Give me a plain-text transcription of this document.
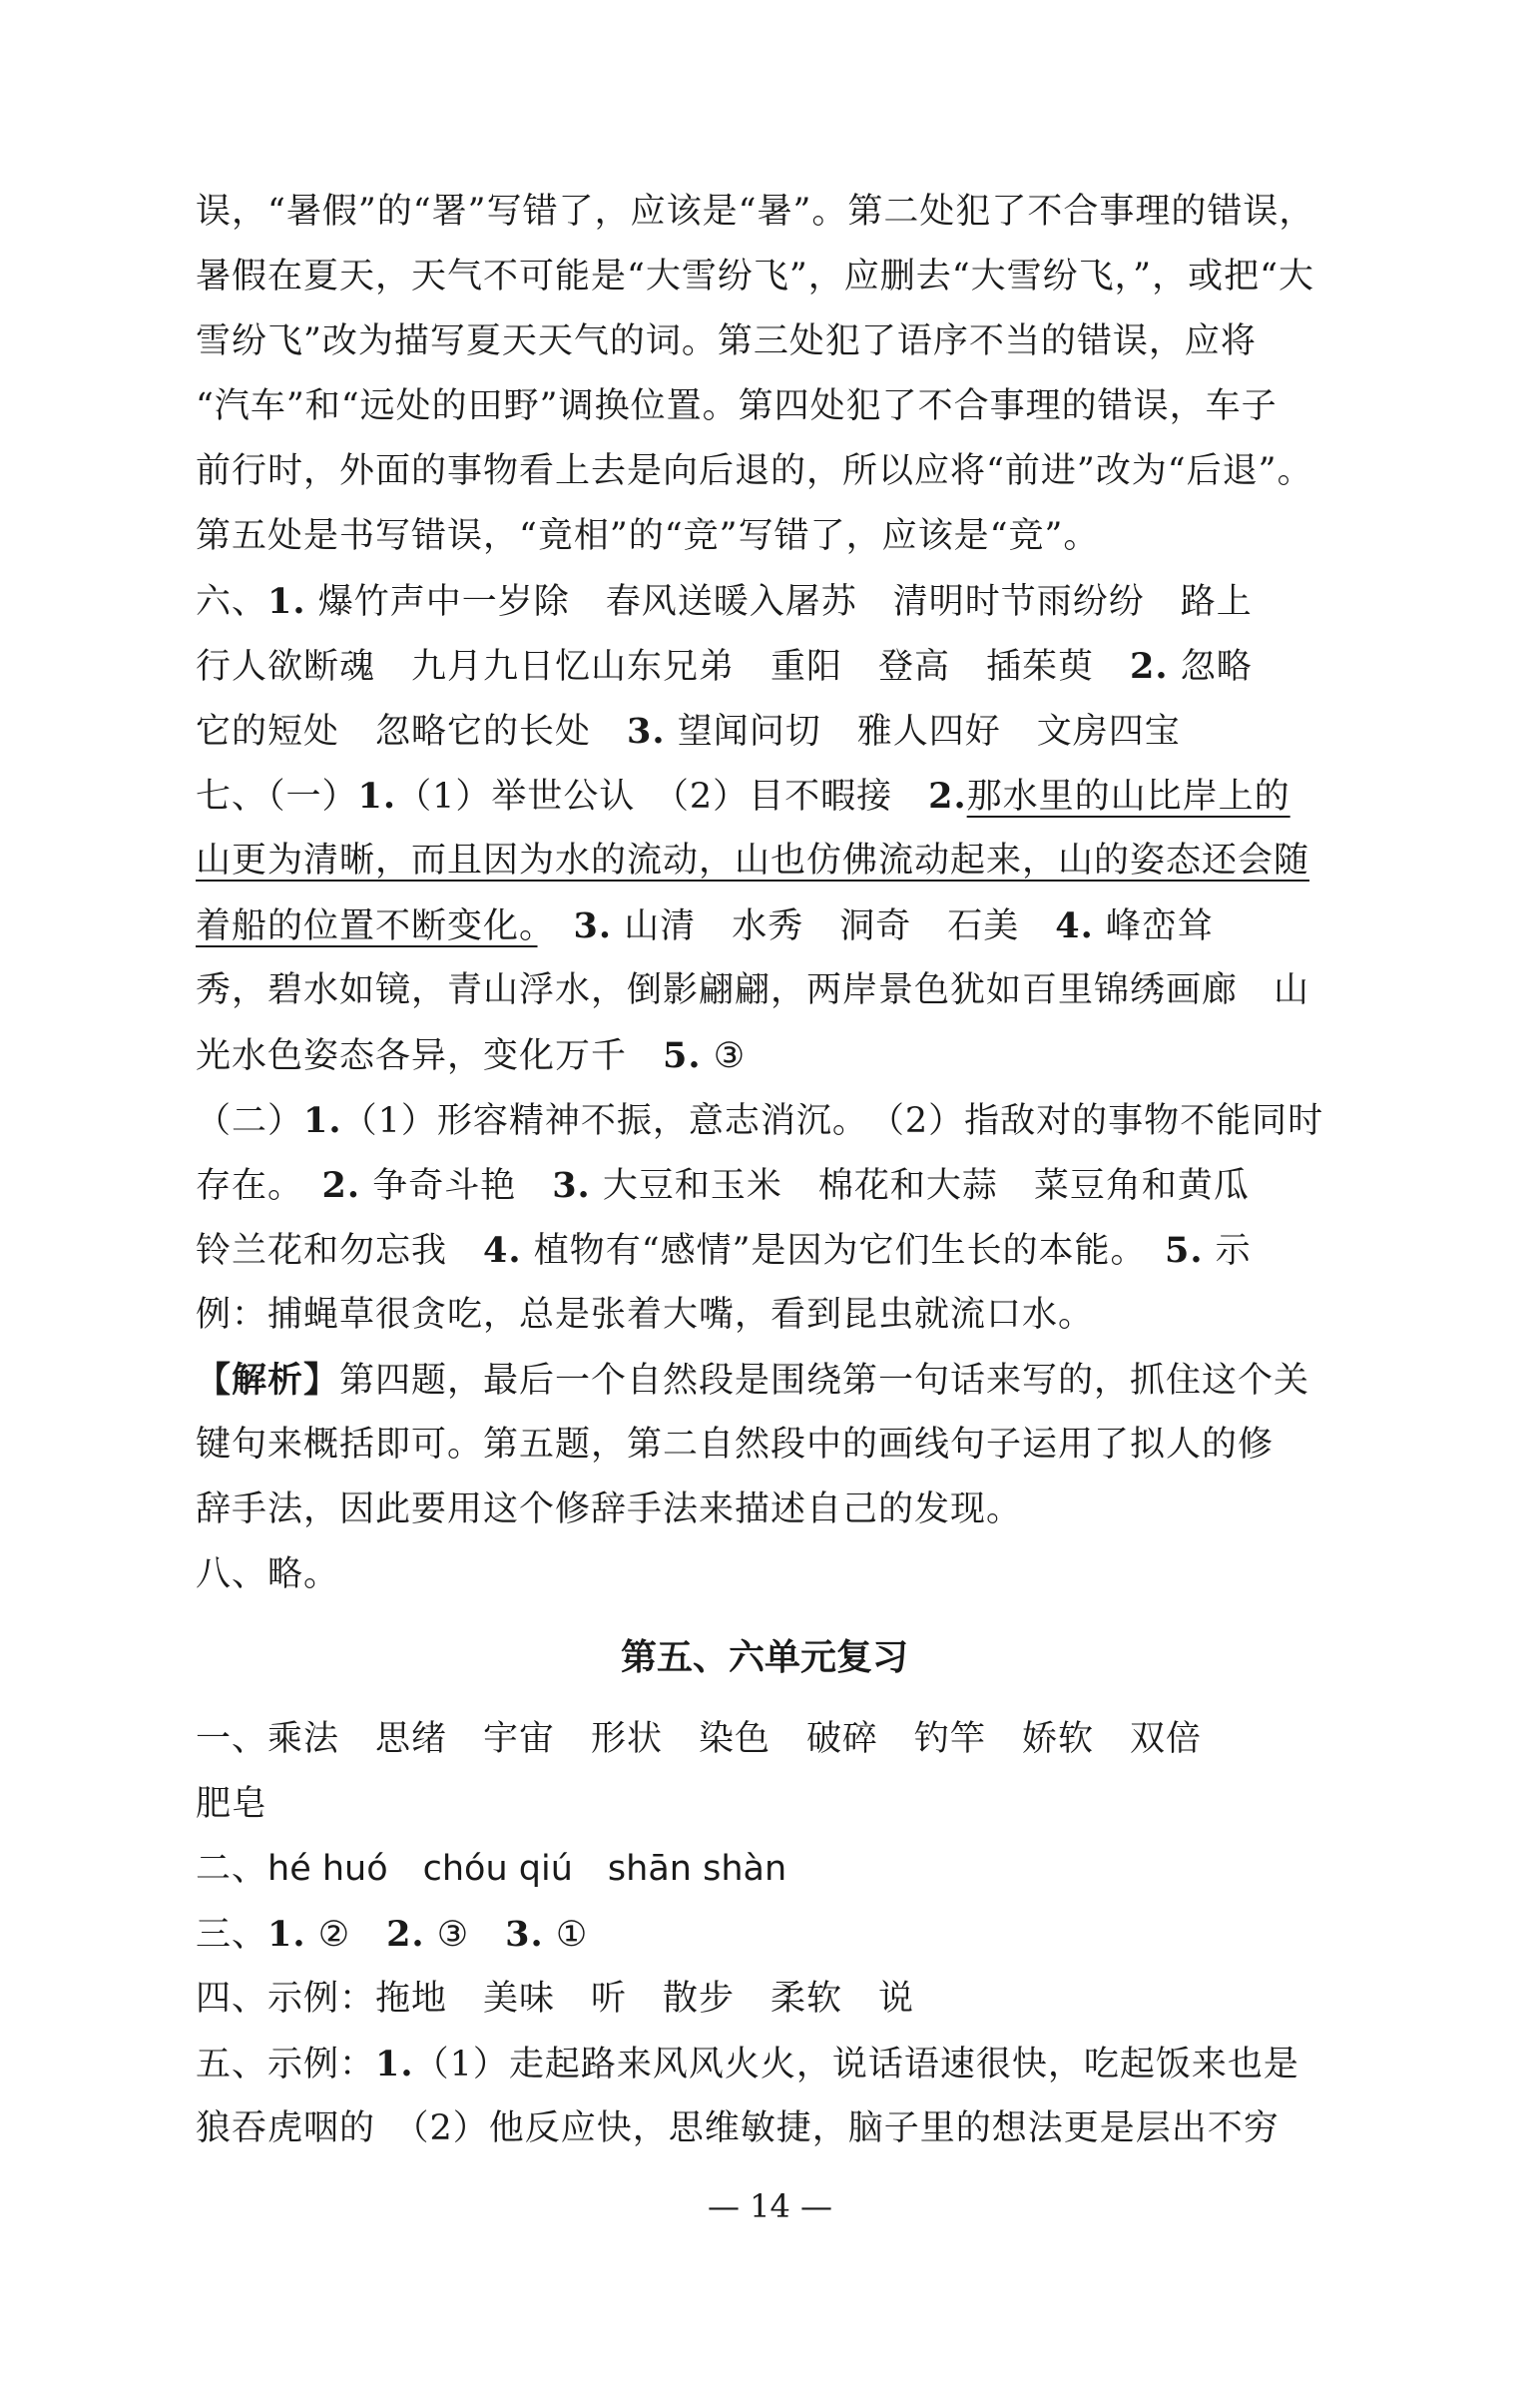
误，“暑假”的“署”写错了，应该是“暑”。第二处犯了不合事理的错误，
暑假在夏天，天气不可能是“大雪纷飞”，应删去“大雪纷飞，”，或把“大
雪纷飞”改为描写夏天天气的词。第三处犯了语序不当的错误，应将
“汽车”和“远处的田野”调换位置。第四处犯了不合事理的错误，车子
前行时，外面的事物看上去是向后退的，所以应将“前进”改为“后退”。
第五处是书写错误，“竟相”的“竞”写错了，应该是“竞”。
六、1. 爆竹声中一岁除　春风送暖入屠苏　清明时节雨纷纷　路上
行人欲断魂　九月九日忆山东兄弟　重阳　登高　插茱萸　2. 忽略
它的短处　忽略它的长处　3. 望闻问切　雅人四好　文房四宝
七、（一）1.（1）举世公认　（2）目不暇接　2.那水里的山比岸上的
山更为清晰，而且因为水的流动，山也仿佛流动起来，山的姿态还会随
着船的位置不断变化。　 3. 山清　水秀　洞奇　石美　4. 峰峦耸
秀，碧水如镜，青山浮水，倒影翩翩，两岸景色犹如百里锦绣画廊　山
光水色姿态各异，变化万千　5. ③
（二）1.（1）形容精神不振，意志消沉。　（2）指敌对的事物不能同时
存在。　2. 争奇斗艳　3. 大豆和玉米　棉花和大蒜　菜豆角和黄瓜
铃兰花和勿忘我　4. 植物有“感情”是因为它们生长的本能。　5. 示
例：捕蝇草很贪吃，总是张着大嘴，看到昆虫就流口水。
【解析】第四题，最后一个自然段是围绕第一句话来写的，抓住这个关
键句来概括即可。第五题，第二自然段中的画线句子运用了拟人的修
辞手法，因此要用这个修辞手法来描述自己的发现。
八、略。
第五、六单元复习
一、乘法　思绪　宇宙　形状　染色　破碎　钓竿　娇软　双倍
肥皂
二、hé huó　chóu qiú　shān shàn
三、1. ②　2. ③　3. ①
四、示例：拖地　美味　听　散步　柔软　说
五、示例：1.（1）走起路来风风火火，说话语速很快，吃起饭来也是
狼吞虎咽的　（2）他反应快，思维敏捷，脑子里的想法更是层出不穷
— 14 —
